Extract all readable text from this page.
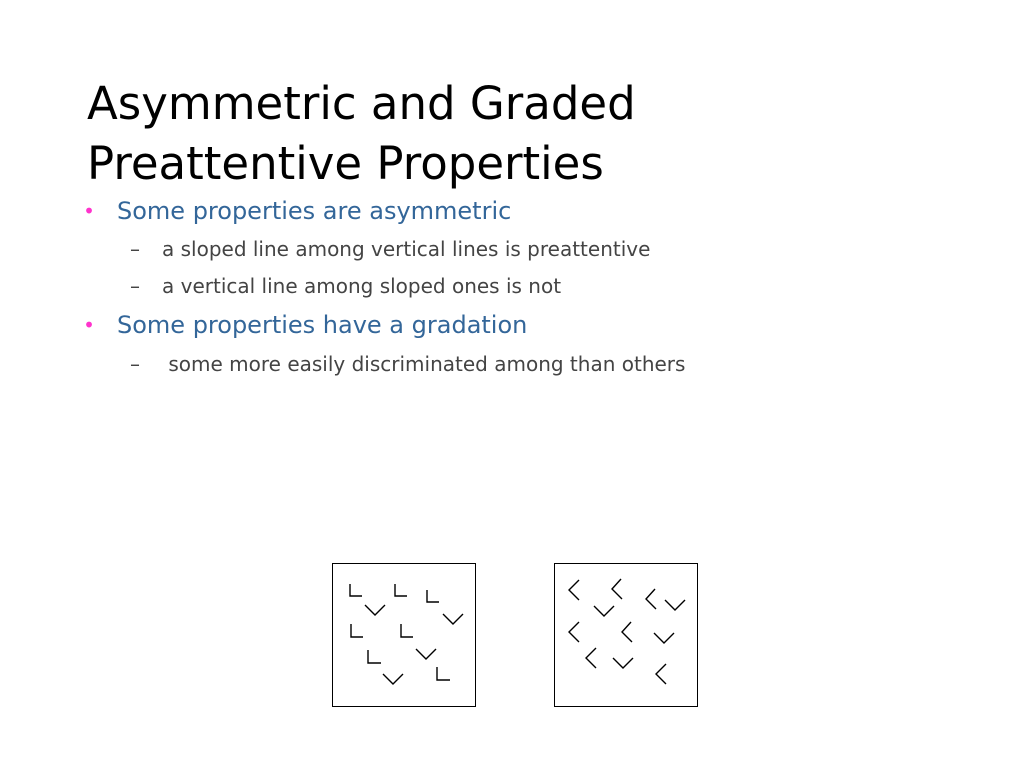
Asymmetric and Graded
Preattentive Properties
• Some properties are asymmetric
– a sloped line among vertical lines is preattentive
– a vertical line among sloped ones is not
• Some properties have a gradation
– some more easily discriminated among than others
